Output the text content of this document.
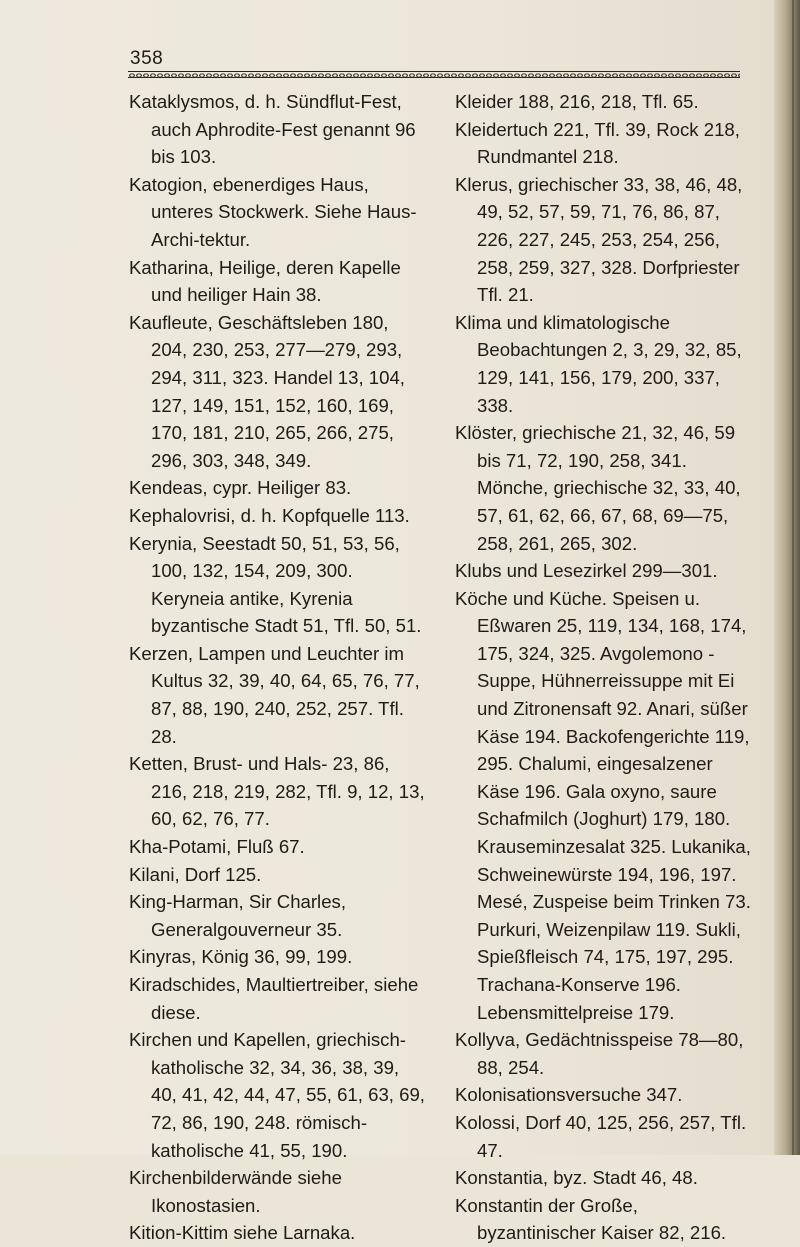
358

Kataklysmos, d. h. Sündflut-Fest, auch Aphrodite-Fest genannt 96 bis 103.

Katogion, ebenerdiges Haus, unteres Stockwerk. Siehe Haus-Archi-tektur.

Katharina, Heilige, deren Kapelle und heiliger Hain 38.

Kaufleute, Geschäftsleben 180, 204, 230, 253, 277—279, 293, 294, 311, 323. Handel 13, 104, 127, 149, 151, 152, 160, 169, 170, 181, 210, 265, 266, 275, 296, 303, 348, 349.

Kendeas, cypr. Heiliger 83.

Kephalovrisi, d. h. Kopfquelle 113.

Kerynia, Seestadt 50, 51, 53, 56, 100, 132, 154, 209, 300. Keryneia antike, Kyrenia byzantische Stadt 51, Tfl. 50, 51.

Kerzen, Lampen und Leuchter im Kultus 32, 39, 40, 64, 65, 76, 77, 87, 88, 190, 240, 252, 257. Tfl. 28.

Ketten, Brust- und Hals- 23, 86, 216, 218, 219, 282, Tfl. 9, 12, 13, 60, 62, 76, 77.

Kha-Potami, Fluß 67.

Kilani, Dorf 125.

King-Harman, Sir Charles, Generalgouverneur 35.

Kinyras, König 36, 99, 199.

Kiradschides, Maultiertreiber, siehe diese.

Kirchen und Kapellen, griechisch-katholische 32, 34, 36, 38, 39, 40, 41, 42, 44, 47, 55, 61, 63, 69, 72, 86, 190, 248. römisch-katholische 41, 55, 190.

Kirchenbilderwände siehe Ikonostasien.

Kition-Kittim siehe Larnaka.

Kleider 188, 216, 218, Tfl. 65.

Kleidertuch 221, Tfl. 39, Rock 218, Rundmantel 218.

Klerus, griechischer 33, 38, 46, 48, 49, 52, 57, 59, 71, 76, 86, 87, 226, 227, 245, 253, 254, 256, 258, 259, 327, 328. Dorfpriester Tfl. 21.

Klima und klimatologische Beobachtungen 2, 3, 29, 32, 85, 129, 141, 156, 179, 200, 337, 338.

Klöster, griechische 21, 32, 46, 59 bis 71, 72, 190, 258, 341. Mönche, griechische 32, 33, 40, 57, 61, 62, 66, 67, 68, 69—75, 258, 261, 265, 302.

Klubs und Lesezirkel 299—301.

Köche und Küche. Speisen u. Eßwaren 25, 119, 134, 168, 174, 175, 324, 325. Avgolemono - Suppe, Hühnerreissuppe mit Ei und Zitronensaft 92. Anari, süßer Käse 194. Backofengerichte 119, 295. Chalumi, eingesalzener Käse 196. Gala oxyno, saure Schafmilch (Joghurt) 179, 180. Krauseminzesalat 325. Lukanika, Schweinewürste 194, 196, 197. Mesé, Zuspeise beim Trinken 73. Purkuri, Weizenpilaw 119. Sukli, Spießfleisch 74, 175, 197, 295. Trachana-Konserve 196. Lebensmittelpreise 179.

Kollyva, Gedächtnisspeise 78—80, 88, 254.

Kolonisationsversuche 347.

Kolossi, Dorf 40, 125, 256, 257, Tfl. 47.

Konstantia, byz. Stadt 46, 48.

Konstantin der Große, byzantinischer Kaiser 82, 216.
